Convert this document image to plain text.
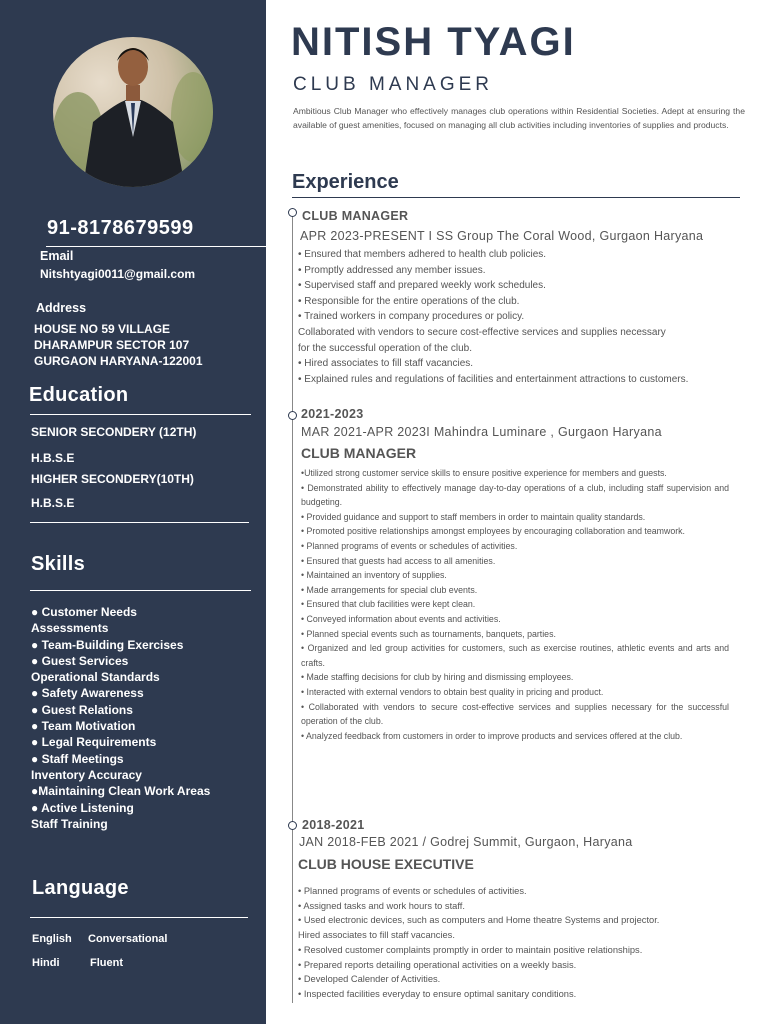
91-8178679599
Email
Nitshtyagi0011@gmail.com
Address
HOUSE NO 59 VILLAGE
DHARAMPUR SECTOR 107
GURGAON HARYANA-122001
Education
SENIOR SECONDERY (12TH)
H.B.S.E
HIGHER SECONDERY(10TH)
H.B.S.E
Skills
● Customer Needs
Assessments
● Team-Building Exercises
● Guest Services
Operational Standards
● Safety Awareness
● Guest Relations
● Team Motivation
● Legal Requirements
● Staff Meetings
Inventory Accuracy
●Maintaining Clean Work Areas
● Active Listening
Staff Training
Language
English Conversational
Hindi	Fluent
NITISH TYAGI
CLUB MANAGER
Ambitious Club Manager who effectively manages club operations within Residential Societies. Adept at ensuring the available of guest amenities, focused on managing all club activities including inventories of supplies and products.
Experience
CLUB MANAGER
APR 2023-PRESENT I SS Group The Coral Wood, Gurgaon Haryana
• Ensured that members adhered to health club policies.
• Promptly addressed any member issues.
• Supervised staff and prepared weekly work schedules.
• Responsible for the entire operations of the club.
• Trained workers in company procedures or policy.
Collaborated with vendors to secure cost-effective services and supplies necessary
for the successful operation of the club.
• Hired associates to fill staff vacancies.
• Explained rules and regulations of facilities and entertainment attractions to customers.
2021-2023
MAR 2021-APR 2023I Mahindra Luminare , Gurgaon Haryana
CLUB MANAGER
•Utilized strong customer service skills to ensure positive experience for members and guests.
• Demonstrated ability to effectively manage day-to-day operations of a club, including staff supervision and budgeting.
• Provided guidance and support to staff members in order to maintain quality standards.
• Promoted positive relationships amongst employees by encouraging collaboration and teamwork.
• Planned programs of events or schedules of activities.
• Ensured that guests had access to all amenities.
• Maintained an inventory of supplies.
• Made arrangements for special club events.
• Ensured that club facilities were kept clean.
• Conveyed information about events and activities.
• Planned special events such as tournaments, banquets, parties.
• Organized and led group activities for customers, such as exercise routines, athletic events and arts and crafts.
• Made staffing decisions for club by hiring and dismissing employees.
• Interacted with external vendors to obtain best quality in pricing and product.
• Collaborated with vendors to secure cost-effective services and supplies necessary for the successful operation of the club.
• Analyzed feedback from customers in order to improve products and services offered at the club.
2018-2021
JAN 2018-FEB 2021 / Godrej Summit, Gurgaon, Haryana
CLUB HOUSE EXECUTIVE
• Planned programs of events or schedules of activities.
• Assigned tasks and work hours to staff.
• Used electronic devices, such as computers and Home theatre Systems and projector.
Hired associates to fill staff vacancies.
• Resolved customer complaints promptly in order to maintain positive relationships.
• Prepared reports detailing operational activities on a weekly basis.
• Developed Calender of Activities.
• Inspected facilities everyday to ensure optimal sanitary conditions.
